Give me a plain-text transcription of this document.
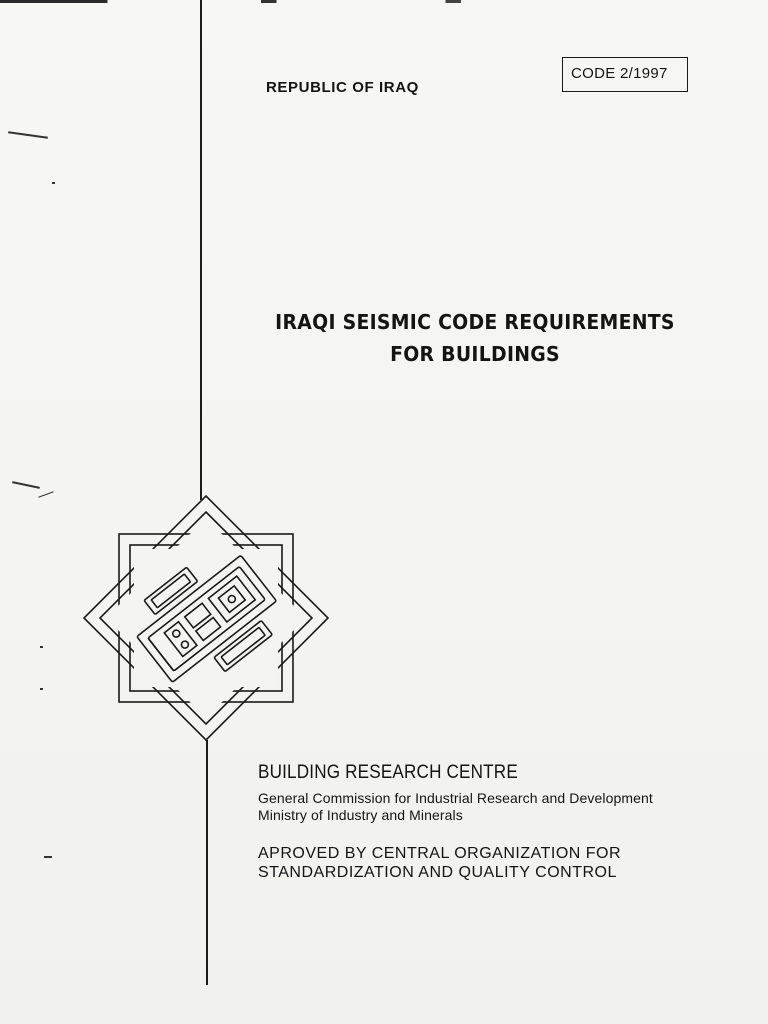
REPUBLIC OF IRAQ
CODE 2/1997
IRAQI SEISMIC CODE REQUIREMENTS
FOR BUILDINGS
BUILDING RESEARCH CENTRE
General Commission for Industrial Research and Development
Ministry of Industry and Minerals
APROVED BY CENTRAL ORGANIZATION FOR
STANDARDIZATION AND QUALITY CONTROL
